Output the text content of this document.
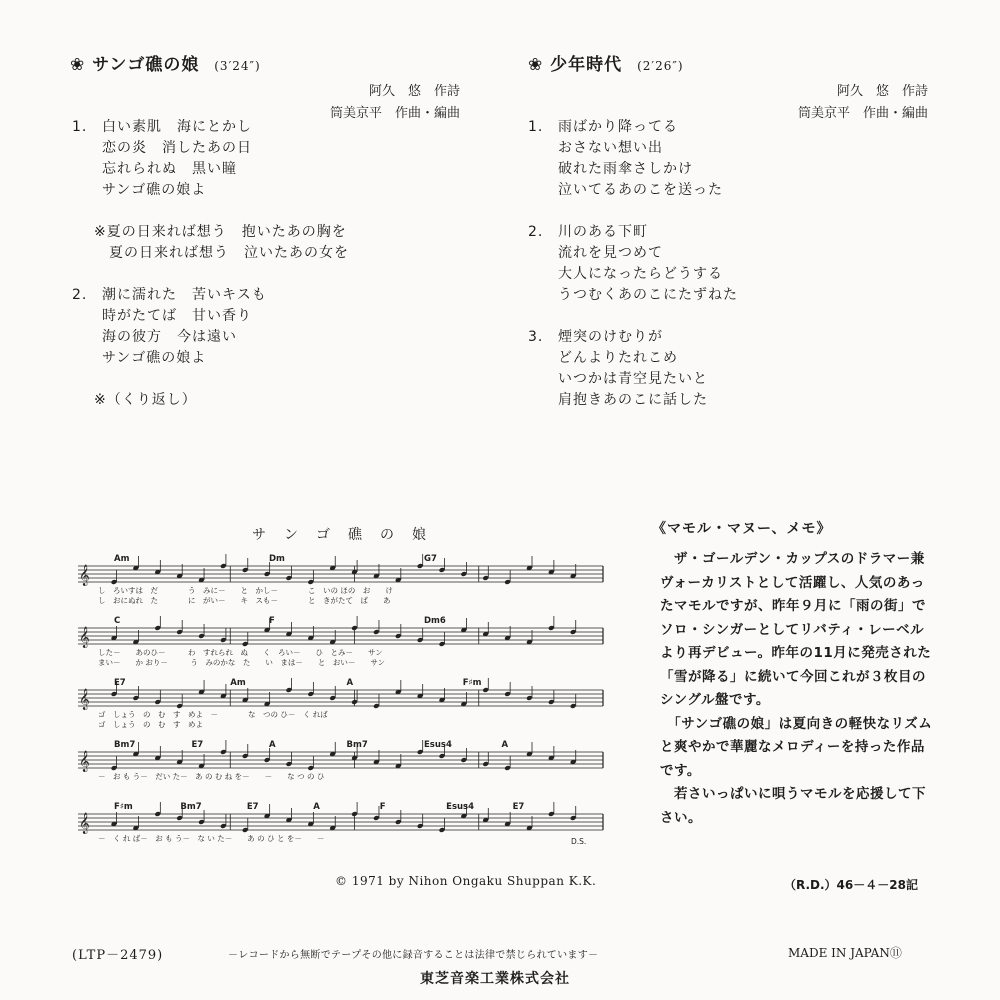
❀ サンゴ礁の娘 (3′24″)
阿久　悠　作詩
筒美京平　作曲・編曲
1. 白い素肌　海にとかし
恋の炎　消したあの日
忘れられぬ　黒い瞳
サンゴ礁の娘よ
※夏の日来れば想う　抱いたあの胸を
夏の日来れば想う　泣いたあの女を
2. 潮に濡れた　苦いキスも
時がたてば　甘い香り
海の彼方　今は遠い
サンゴ礁の娘よ
※（くり返し）
❀ 少年時代 (2′26″)
阿久　悠　作詩
筒美京平　作曲・編曲
1. 雨ばかり降ってる
おさない想い出
破れた雨傘さしかけ
泣いてるあのこを送った
2. 川のある下町
流れを見つめて
大人になったらどうする
うつむくあのこにたずねた
3. 煙突のけむりが
どんよりたれこめ
いつかは青空見たいと
肩抱きあのこに話した
サ　ン　ゴ　礁　の　娘
𝄞
Am	Dm	G7
し　ろいすは　だ　　　　う　みに－　　と　かし－　　　　こ　いの ほの　お　　け
し　おにぬれ　た　　　　に　がい－　　キ　スも－　　　　と　きがたて　ば　　あ
𝄞
C	F	Dm6
した－　　あのひ－　　　わ　すれられ　ぬ　　く　ろい－　　ひ　とみ－　　サン
まい－　　か おり－　　　う　みのかな　た　　い　まは－　　と　おい－　　サン
𝄞
E7	Am	A	F♯m
ゴ　しょう　の　む　す　めよ　－　　　　な　つの ひ－　く れば
ゴ　しょう　の　む　す　めよ
𝄞
Bm7	E7	A	Bm7	Esus4	A
－　お も う－　だい た－　あ の む ね を－　　－　　な つ の ひ
𝄞
F♯m	Bm7	E7	A	F	Esus4	E7
－　く れ ば－　お も う－　な い た－　　あ の ひ と を－　　－	D.S.
© 1971 by Nihon Ongaku Shuppan K.K.
《マモル・マヌー、メモ》
　ザ・ゴールデン・カップスのドラマー兼ヴォーカリストとして活躍し、人気のあったマモルですが、昨年９月に「雨の街」でソロ・シンガーとしてリバティ・レーベルより再デビュー。昨年の11月に発売された「雪が降る」に続いて今回これが３枚目のシングル盤です。
　「サンゴ礁の娘」は夏向きの軽快なリズムと爽やかで華麗なメロディーを持った作品です。
　若さいっぱいに唄うマモルを応援して下さい。
（R.D.）46－４－28記
(LTP－2479)	－レコードから無断でテープその他に録音することは法律で禁じられています－	MADE IN JAPAN⑪
東芝音楽工業株式会社
